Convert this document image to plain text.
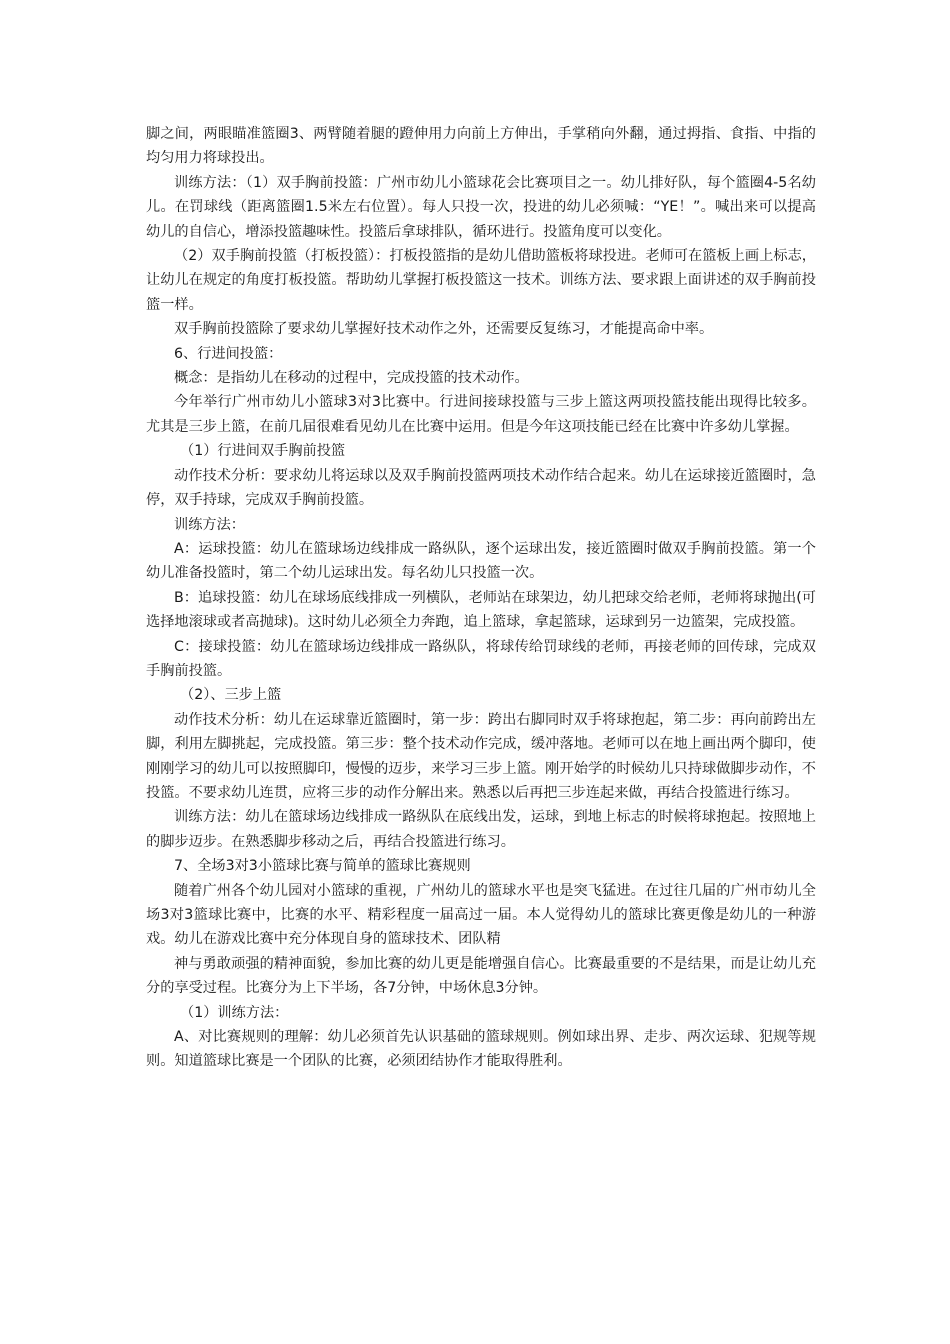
脚之间，两眼瞄准篮圈3、两臂随着腿的蹬伸用力向前上方伸出，手掌稍向外翻，通过拇指、食指、中指的均匀用力将球投出。

训练方法：（1）双手胸前投篮：广州市幼儿小篮球花会比赛项目之一。幼儿排好队，每个篮圈4-5名幼儿。在罚球线（距离篮圈1.5米左右位置）。每人只投一次，投进的幼儿必须喊：“YE！”。喊出来可以提高幼儿的自信心，增添投篮趣味性。投篮后拿球排队，循环进行。投篮角度可以变化。

（2）双手胸前投篮（打板投篮）：打板投篮指的是幼儿借助篮板将球投进。老师可在篮板上画上标志，让幼儿在规定的角度打板投篮。帮助幼儿掌握打板投篮这一技术。训练方法、要求跟上面讲述的双手胸前投篮一样。

双手胸前投篮除了要求幼儿掌握好技术动作之外，还需要反复练习，才能提高命中率。

6、行进间投篮：

概念：是指幼儿在移动的过程中，完成投篮的技术动作。

今年举行广州市幼儿小篮球3对3比赛中。行进间接球投篮与三步上篮这两项投篮技能出现得比较多。尤其是三步上篮，在前几届很难看见幼儿在比赛中运用。但是今年这项技能已经在比赛中许多幼儿掌握。

（1）行进间双手胸前投篮

动作技术分析：要求幼儿将运球以及双手胸前投篮两项技术动作结合起来。幼儿在运球接近篮圈时，急停，双手持球，完成双手胸前投篮。

训练方法：

A：运球投篮：幼儿在篮球场边线排成一路纵队，逐个运球出发，接近篮圈时做双手胸前投篮。第一个幼儿准备投篮时，第二个幼儿运球出发。每名幼儿只投篮一次。

B：追球投篮：幼儿在球场底线排成一列横队，老师站在球架边，幼儿把球交给老师，老师将球抛出(可选择地滚球或者高抛球)。这时幼儿必须全力奔跑，追上篮球，拿起篮球，运球到另一边篮架，完成投篮。

C：接球投篮：幼儿在篮球场边线排成一路纵队，将球传给罚球线的老师，再接老师的回传球，完成双手胸前投篮。

（2）、三步上篮

动作技术分析：幼儿在运球靠近篮圈时，第一步：跨出右脚同时双手将球抱起，第二步：再向前跨出左脚，利用左脚挑起，完成投篮。第三步：整个技术动作完成，缓冲落地。老师可以在地上画出两个脚印，使刚刚学习的幼儿可以按照脚印，慢慢的迈步，来学习三步上篮。刚开始学的时候幼儿只持球做脚步动作，不投篮。不要求幼儿连贯，应将三步的动作分解出来。熟悉以后再把三步连起来做，再结合投篮进行练习。

训练方法：幼儿在篮球场边线排成一路纵队在底线出发，运球，到地上标志的时候将球抱起。按照地上的脚步迈步。在熟悉脚步移动之后，再结合投篮进行练习。

7、全场3对3小篮球比赛与简单的篮球比赛规则

随着广州各个幼儿园对小篮球的重视，广州幼儿的篮球水平也是突飞猛进。在过往几届的广州市幼儿全场3对3篮球比赛中，比赛的水平、精彩程度一届高过一届。本人觉得幼儿的篮球比赛更像是幼儿的一种游戏。幼儿在游戏比赛中充分体现自身的篮球技术、团队精

神与勇敢顽强的精神面貌，参加比赛的幼儿更是能增强自信心。比赛最重要的不是结果，而是让幼儿充分的享受过程。比赛分为上下半场，各7分钟，中场休息3分钟。

（1）训练方法：

A、对比赛规则的理解：幼儿必须首先认识基础的篮球规则。例如球出界、走步、两次运球、犯规等规则。知道篮球比赛是一个团队的比赛，必须团结协作才能取得胜利。
